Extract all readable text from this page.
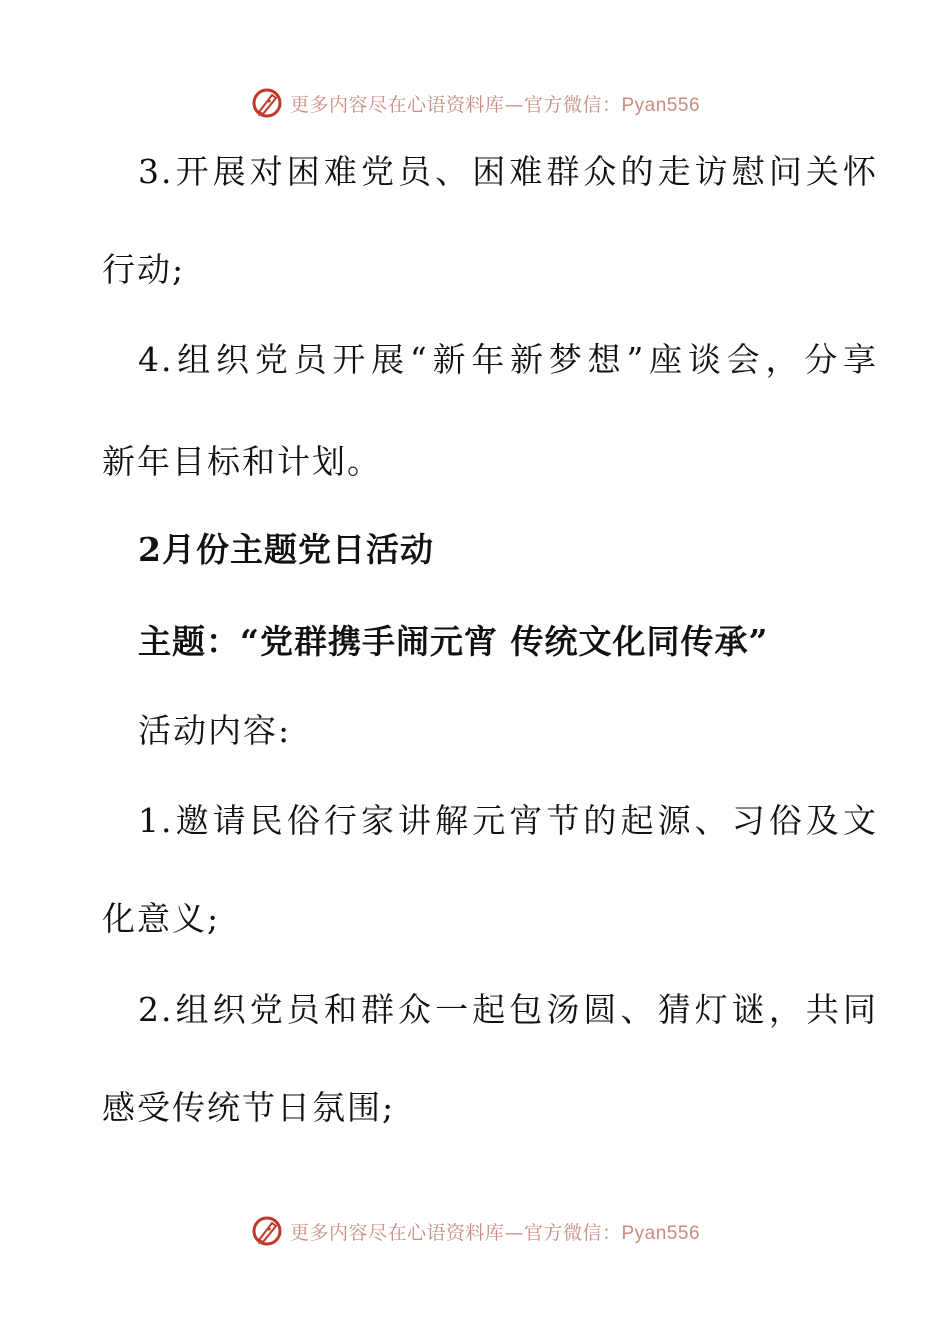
更多内容尽在心语资料库—官方微信：Pyan556
3.开展对困难党员、困难群众的走访慰问关怀
行动;
4.组织党员开展“新年新梦想”座谈会，分享
新年目标和计划。
2月份主题党日活动
主题：“党群携手闹元宵 传统文化同传承”
活动内容:
1.邀请民俗行家讲解元宵节的起源、习俗及文
化意义;
2.组织党员和群众一起包汤圆、猜灯谜，共同
感受传统节日氛围;
更多内容尽在心语资料库—官方微信：Pyan556
